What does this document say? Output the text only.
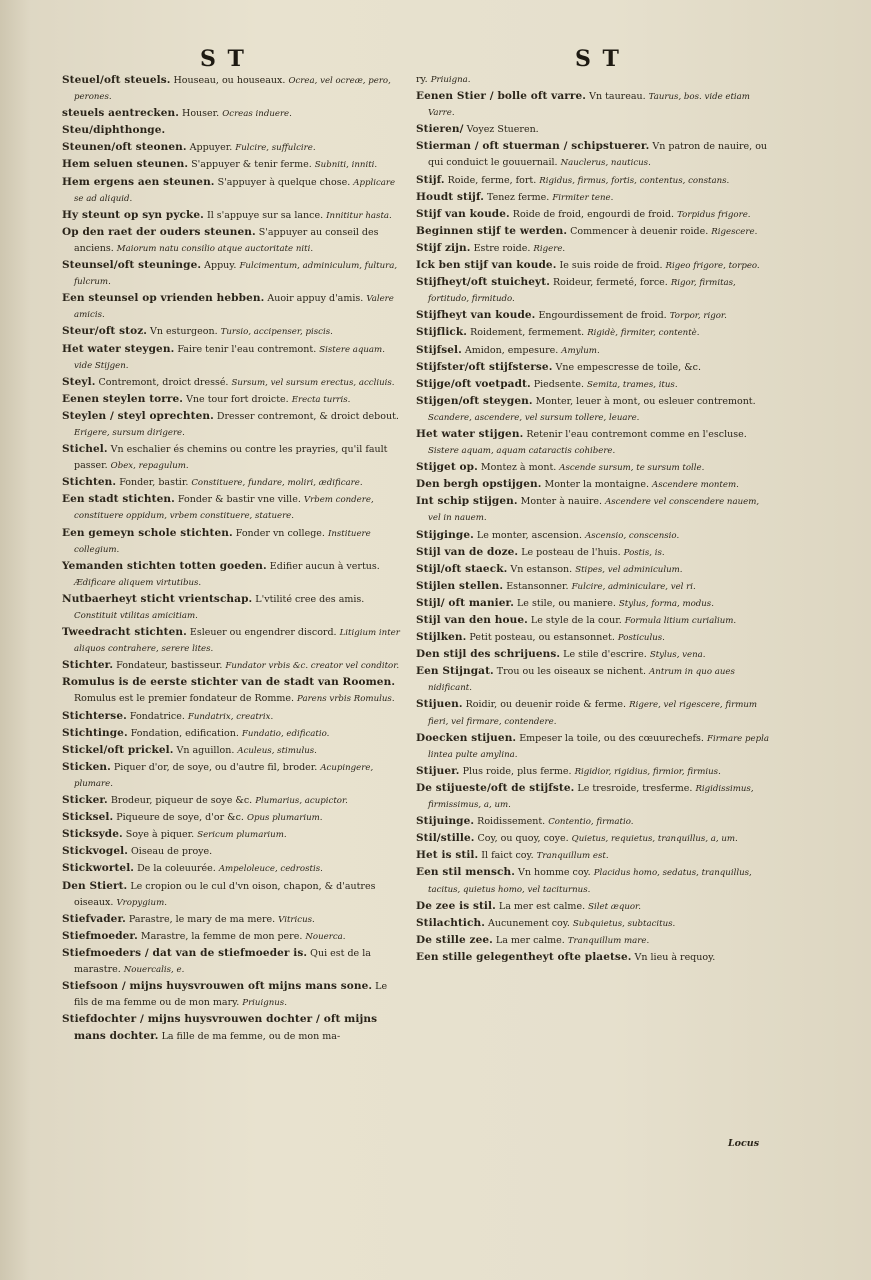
S T	S T

Steuel/oft steuels. Houseau, ou houseaux. Ocrea, vel ocreæ, pero, perones.

steuels aentrecken. Houser. Ocreas induere.

Steu/diphthonge.

Steunen/oft steonen. Appuyer. Fulcire, suffulcire.

Hem seluen steunen. S'appuyer & tenir ferme. Subniti, inniti.

Hem ergens aen steunen. S'appuyer à quelque chose. Applicare se ad aliquid.

Hy steunt op syn pycke. Il s'appuye sur sa lance. Innititur hasta.

Op den raet der ouders steunen. S'appuyer au conseil des anciens. Maiorum natu consilio atque auctoritate niti.

Steunsel/oft steuninge. Appuy. Fulcimentum, adminiculum, fultura, fulcrum.

Een steunsel op vrienden hebben. Auoir appuy d'amis. Valere amicis.

Steur/oft stoz. Vn esturgeon. Tursio, accipenser, piscis.

Het water steygen. Faire tenir l'eau contremont. Sistere aquam. vide Stijgen.

Steyl. Contremont, droict dressé. Sursum, vel sursum erectus, accliuis.

Eenen steylen torre. Vne tour fort droicte. Erecta turris.

Steylen / steyl oprechten. Dresser contremont, & droict debout. Erigere, sursum dirigere.

Stichel. Vn eschalier és chemins ou contre les prayries, qu'il fault passer. Obex, repagulum.

Stichten. Fonder, bastir. Constituere, fundare, moliri, ædificare.

Een stadt stichten. Fonder & bastir vne ville. Vrbem condere, constituere oppidum, vrbem constituere, statuere.

Een gemeyn schole stichten. Fonder vn college. Instituere collegium.

Yemanden stichten totten goeden. Edifier aucun à vertus. Ædificare aliquem virtutibus.

Nutbaerheyt sticht vrientschap. L'vtilité cree des amis. Constituit vtilitas amicitiam.

Tweedracht stichten. Esleuer ou engendrer discord. Litigium inter aliquos contrahere, serere lites.

Stichter. Fondateur, bastisseur. Fundator vrbis &c. creator vel conditor.

Romulus is de eerste stichter van de stadt van Roomen. Romulus est le premier fondateur de Romme. Parens vrbis Romulus.

Stichterse. Fondatrice. Fundatrix, creatrix.

Stichtinge. Fondation, edification. Fundatio, edificatio.

Stickel/oft prickel. Vn aguillon. Aculeus, stimulus.

Sticken. Piquer d'or, de soye, ou d'autre fil, broder. Acupingere, plumare.

Sticker. Brodeur, piqueur de soye &c. Plumarius, acupictor.

Sticksel. Piqueure de soye, d'or &c. Opus plumarium.

Sticksyde. Soye à piquer. Sericum plumarium.

Stickvogel. Oiseau de proye.

Stickwortel. De la coleuurée. Ampeloleuce, cedrostis.

Den Stiert. Le cropion ou le cul d'vn oison, chapon, & d'autres oiseaux. Vropygium.

Stiefvader. Parastre, le mary de ma mere. Vitricus.

Stiefmoeder. Marastre, la femme de mon pere. Nouerca.

Stiefmoeders / dat van de stiefmoeder is. Qui est de la marastre. Nouercalis, e.

Stiefsoon / mijns huysvrouwen oft mijns mans sone. Le fils de ma femme ou de mon mary. Priuignus.

Stiefdochter / mijns huysvrouwen dochter / oft mijns mans dochter. La fille de ma femme, ou de mon ma-

ry. Priuigna.

Eenen Stier / bolle oft varre. Vn taureau. Taurus, bos. vide etiam Varre.

Stieren/ Voyez Stueren.

Stierman / oft stuerman / schipstuerer. Vn patron de nauire, ou qui conduict le gouuernail. Nauclerus, nauticus.

Stijf. Roide, ferme, fort. Rigidus, firmus, fortis, contentus, constans.

Houdt stijf. Tenez ferme. Firmiter tene.

Stijf van koude. Roide de froid, engourdi de froid. Torpidus frigore.

Beginnen stijf te werden. Commencer à deuenir roide. Rigescere.

Stijf zijn. Estre roide. Rigere.

Ick ben stijf van koude. Ie suis roide de froid. Rigeo frigore, torpeo.

Stijfheyt/oft stuicheyt. Roideur, fermeté, force. Rigor, firmitas, fortitudo, firmitudo.

Stijfheyt van koude. Engourdissement de froid. Torpor, rigor.

Stijflick. Roidement, fermement. Rigidè, firmiter, contentè.

Stijfsel. Amidon, empesure. Amylum.

Stijfster/oft stijfsterse. Vne empescresse de toile, &c.

Stijge/oft voetpadt. Piedsente. Semita, trames, itus.

Stijgen/oft steygen. Monter, leuer à mont, ou esleuer contremont. Scandere, ascendere, vel sursum tollere, leuare.

Het water stijgen. Retenir l'eau contremont comme en l'escluse. Sistere aquam, aquam cataractis cohibere.

Stijget op. Montez à mont. Ascende sursum, te sursum tolle.

Den bergh opstijgen. Monter la montaigne. Ascendere montem.

Int schip stijgen. Monter à nauire. Ascendere vel conscendere nauem, vel in nauem.

Stijginge. Le monter, ascension. Ascensio, conscensio.

Stijl van de doze. Le posteau de l'huis. Postis, is.

Stijl/oft staeck. Vn estanson. Stipes, vel adminiculum.

Stijlen stellen. Estansonner. Fulcire, adminiculare, vel ri.

Stijl/ oft manier. Le stile, ou maniere. Stylus, forma, modus.

Stijl van den houe. Le style de la cour. Formula litium curialium.

Stijlken. Petit posteau, ou estansonnet. Posticulus.

Den stijl des schrijuens. Le stile d'escrire. Stylus, vena.

Een Stijngat. Trou ou les oiseaux se nichent. Antrum in quo aues nidificant.

Stijuen. Roidir, ou deuenir roide & ferme. Rigere, vel rigescere, firmum fieri, vel firmare, contendere.

Doecken stijuen. Empeser la toile, ou des cœuurechefs. Firmare pepla lintea pulte amylina.

Stijuer. Plus roide, plus ferme. Rigidior, rigidius, firmior, firmius.

De stijueste/oft de stijfste. Le tresroide, tresferme. Rigidissimus, firmissimus, a, um.

Stijuinge. Roidissement. Contentio, firmatio.

Stil/stille. Coy, ou quoy, coye. Quietus, requietus, tranquillus, a, um.

Het is stil. Il faict coy. Tranquillum est.

Een stil mensch. Vn homme coy. Placidus homo, sedatus, tranquillus, tacitus, quietus homo, vel taciturnus.

De zee is stil. La mer est calme. Silet æquor.

Stilachtich. Aucunement coy. Subquietus, subtacitus.

De stille zee. La mer calme. Tranquillum mare.

Een stille gelegentheyt ofte plaetse. Vn lieu à requoy.

Locus
